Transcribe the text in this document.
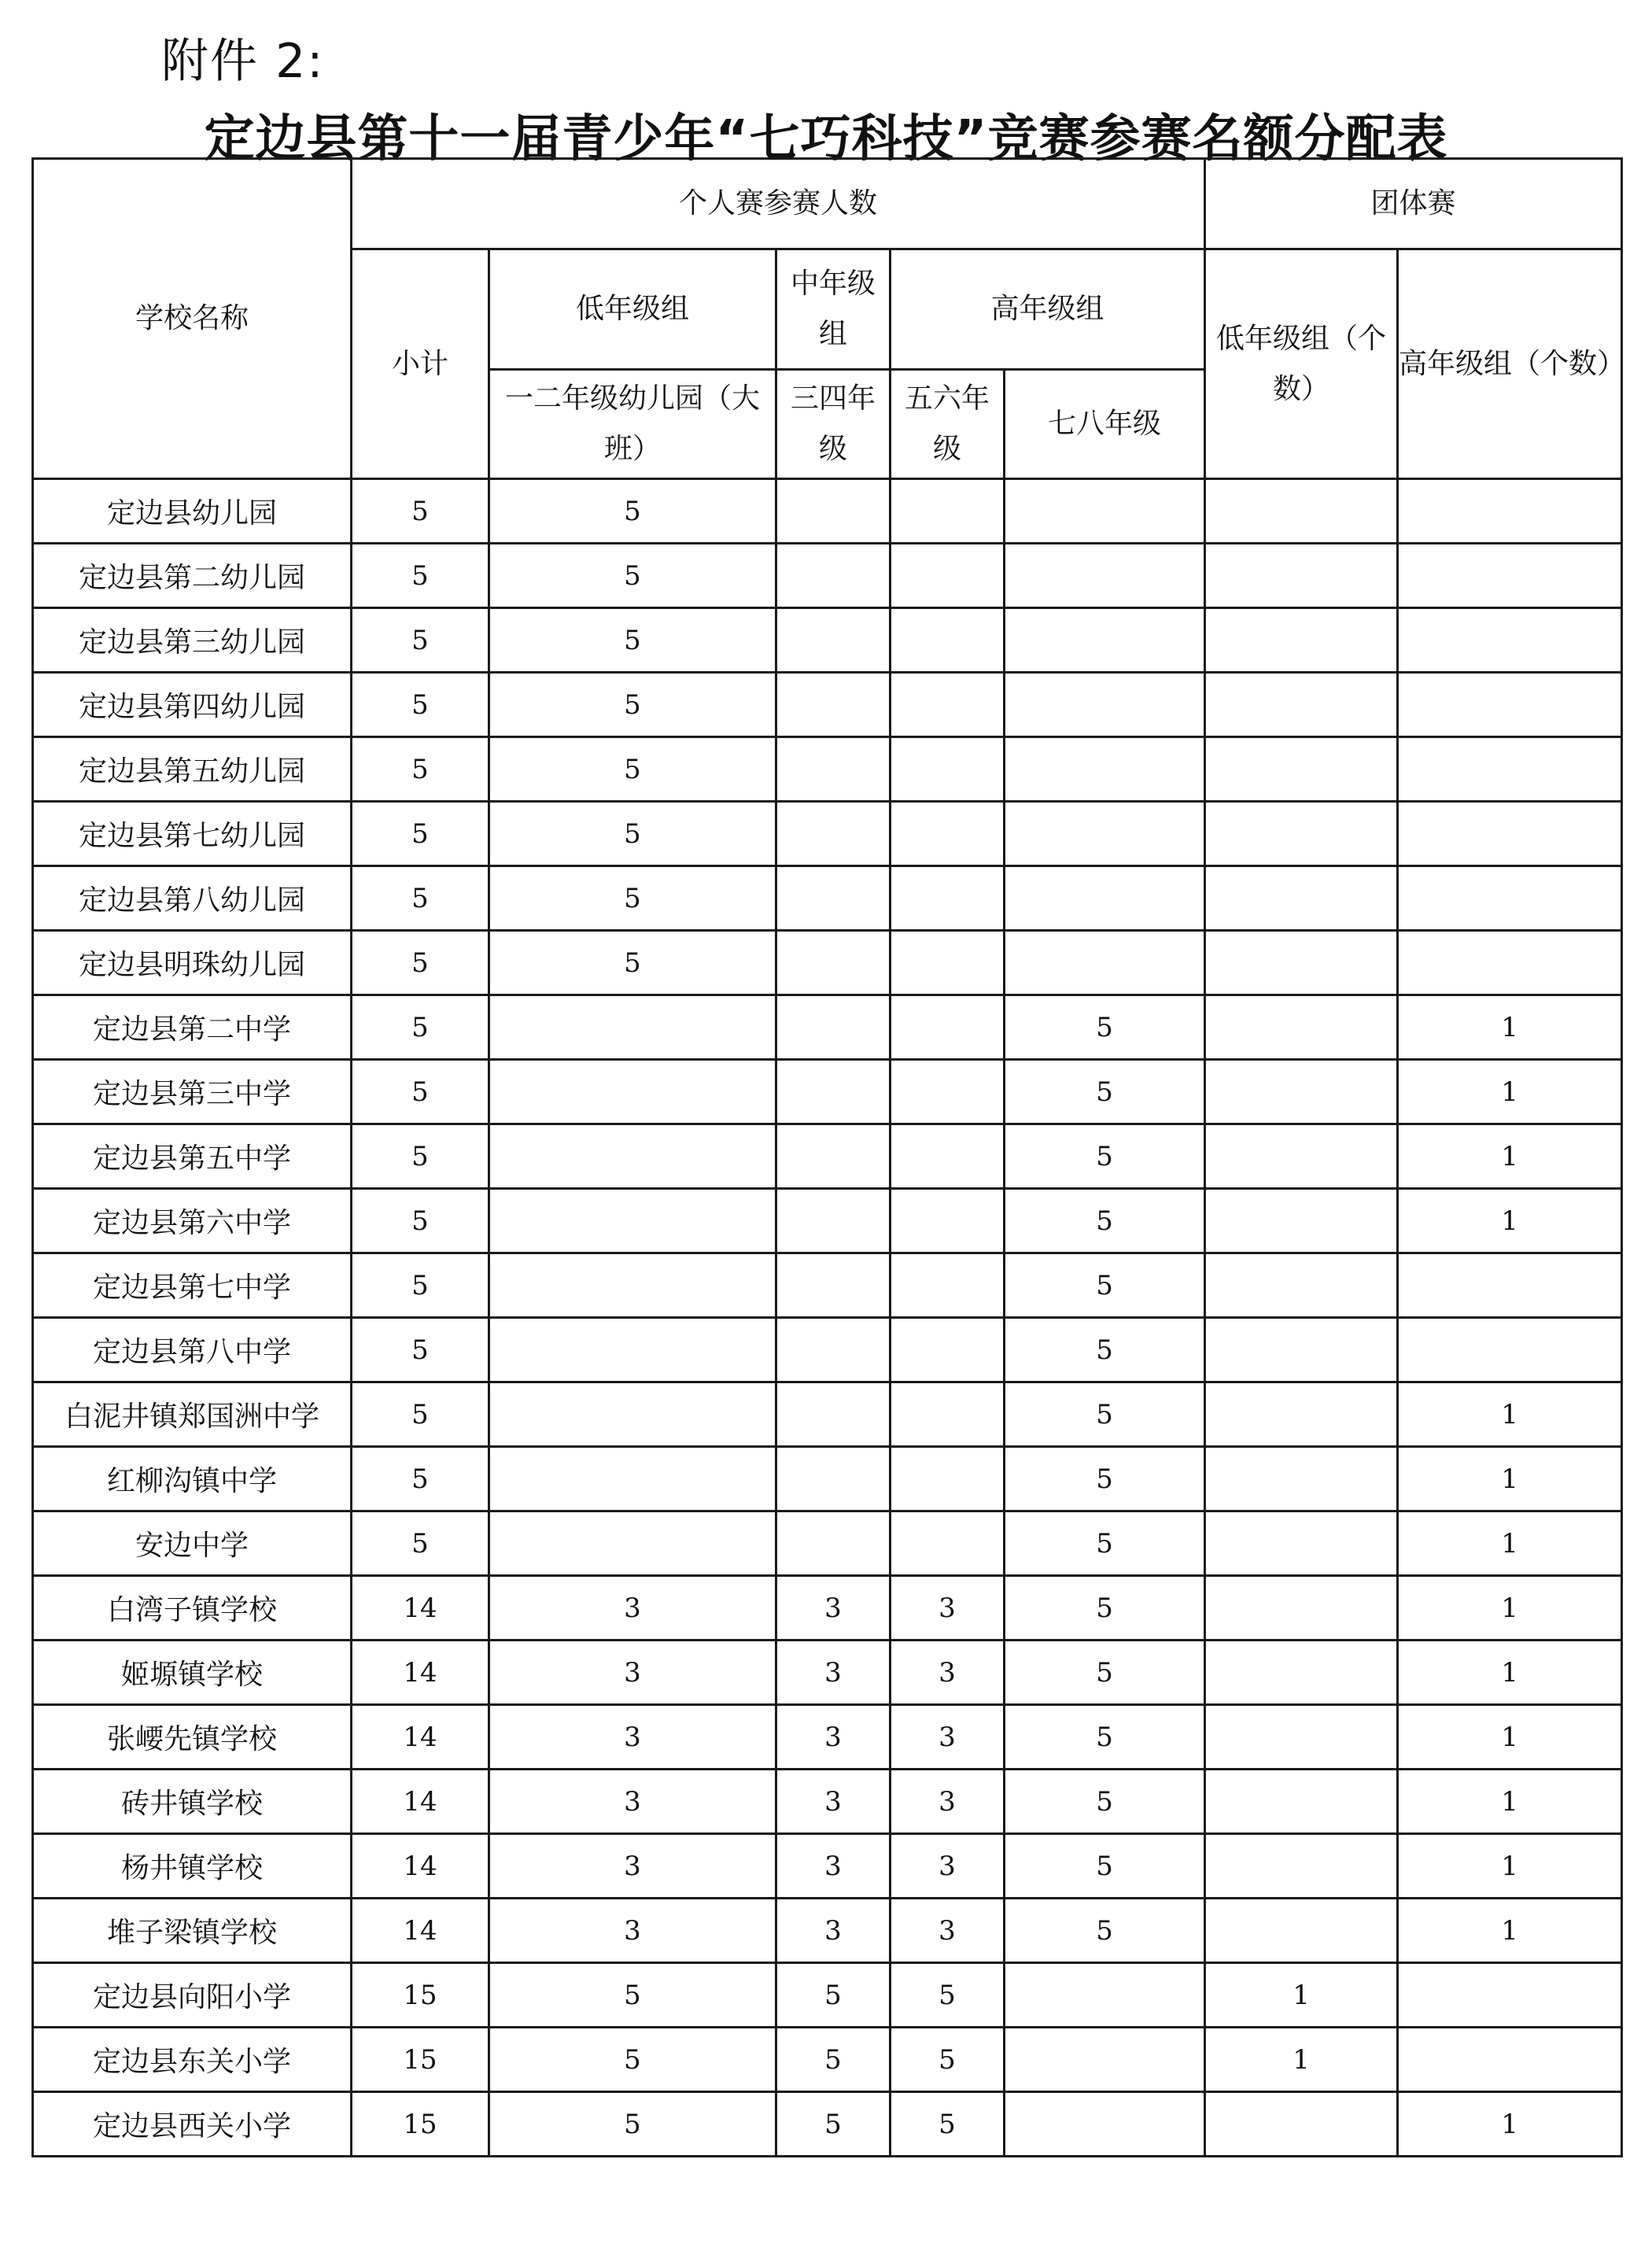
附件 2:
定边县第十一届青少年“七巧科技”竞赛参赛名额分配表
学校名称	个人赛参赛人数					团体赛	
	小计	低年级组	中年级组	高年级组		低年级组（个数）	高年级组（个数）
		一二年级幼儿园（大班）	三四年级	五六年级	七八年级		
定边县幼儿园	5	5					
定边县第二幼儿园	5	5					
定边县第三幼儿园	5	5					
定边县第四幼儿园	5	5					
定边县第五幼儿园	5	5					
定边县第七幼儿园	5	5					
定边县第八幼儿园	5	5					
定边县明珠幼儿园	5	5					
定边县第二中学	5				5		1
定边县第三中学	5				5		1
定边县第五中学	5				5		1
定边县第六中学	5				5		1
定边县第七中学	5				5		
定边县第八中学	5				5		
白泥井镇郑国洲中学	5				5		1
红柳沟镇中学	5				5		1
安边中学	5				5		1
白湾子镇学校	14	3	3	3	5		1
姬塬镇学校	14	3	3	3	5		1
张崾先镇学校	14	3	3	3	5		1
砖井镇学校	14	3	3	3	5		1
杨井镇学校	14	3	3	3	5		1
堆子梁镇学校	14	3	3	3	5		1
定边县向阳小学	15	5	5	5		1	
定边县东关小学	15	5	5	5		1	
定边县西关小学	15	5	5	5			1
